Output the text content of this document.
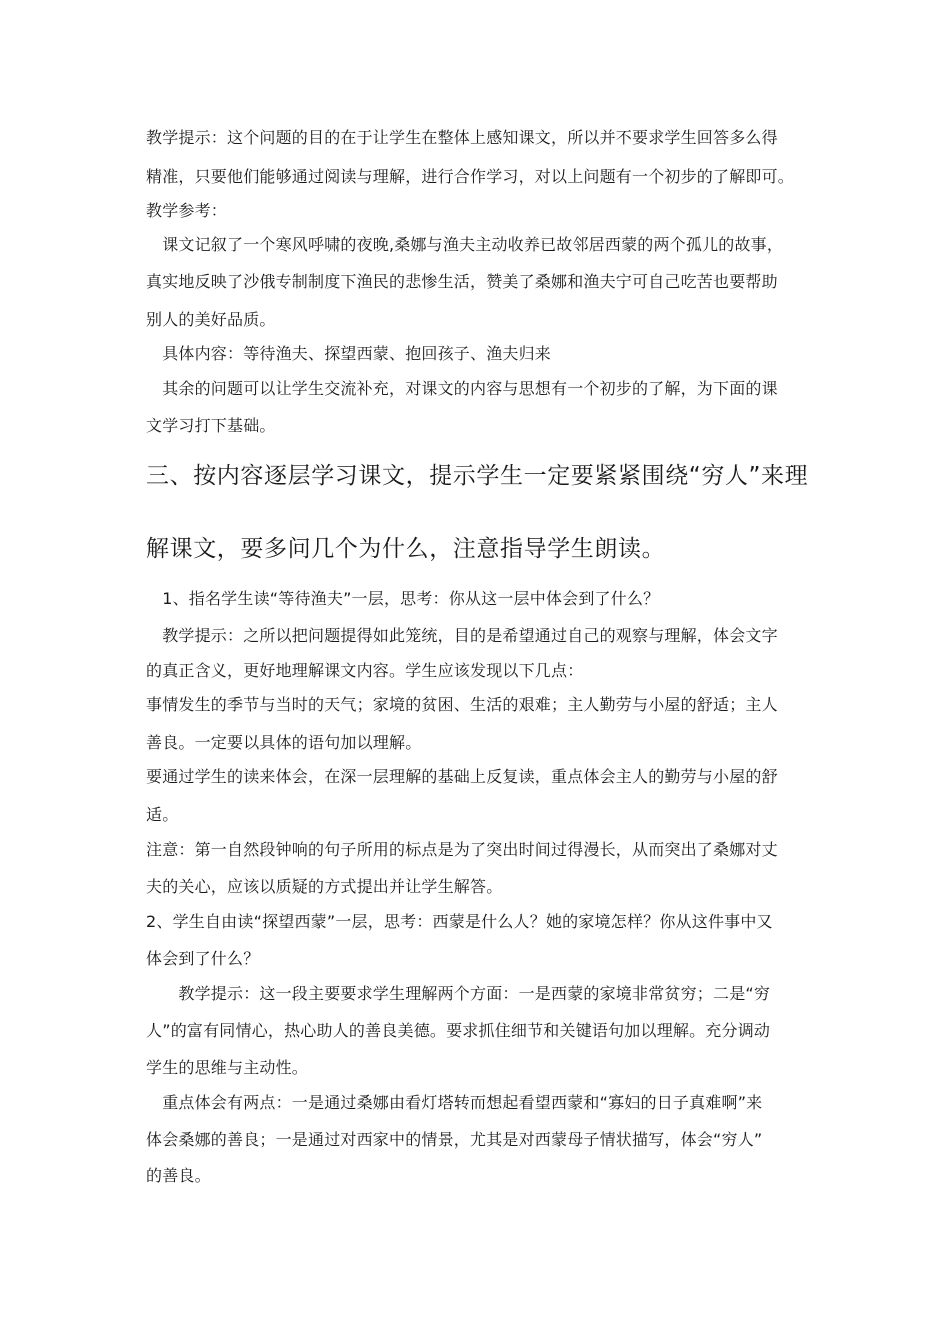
教学提示：这个问题的目的在于让学生在整体上感知课文，所以并不要求学生回答多么得
精准，只要他们能够通过阅读与理解，进行合作学习，对以上问题有一个初步的了解即可。
教学参考：
　课文记叙了一个寒风呼啸的夜晚,桑娜与渔夫主动收养已故邻居西蒙的两个孤儿的故事，
真实地反映了沙俄专制制度下渔民的悲惨生活，赞美了桑娜和渔夫宁可自己吃苦也要帮助
别人的美好品质。
　具体内容：等待渔夫、探望西蒙、抱回孩子、渔夫归来
　其余的问题可以让学生交流补充，对课文的内容与思想有一个初步的了解，为下面的课
文学习打下基础。
三、按内容逐层学习课文，提示学生一定要紧紧围绕“穷人”来理
解课文，要多问几个为什么，注意指导学生朗读。
　1、指名学生读“等待渔夫”一层，思考：你从这一层中体会到了什么？
　教学提示：之所以把问题提得如此笼统，目的是希望通过自己的观察与理解，体会文字
的真正含义，更好地理解课文内容。学生应该发现以下几点：
事情发生的季节与当时的天气；家境的贫困、生活的艰难；主人勤劳与小屋的舒适；主人
善良。一定要以具体的语句加以理解。
要通过学生的读来体会，在深一层理解的基础上反复读，重点体会主人的勤劳与小屋的舒
适。
注意：第一自然段钟响的句子所用的标点是为了突出时间过得漫长，从而突出了桑娜对丈
夫的关心，应该以质疑的方式提出并让学生解答。
2、学生自由读“探望西蒙”一层，思考：西蒙是什么人？她的家境怎样？你从这件事中又
体会到了什么？
　　教学提示：这一段主要要求学生理解两个方面：一是西蒙的家境非常贫穷；二是“穷
人”的富有同情心，热心助人的善良美德。要求抓住细节和关键语句加以理解。充分调动
学生的思维与主动性。
　重点体会有两点：一是通过桑娜由看灯塔转而想起看望西蒙和“寡妇的日子真难啊”来
体会桑娜的善良；一是通过对西家中的情景，尤其是对西蒙母子情状描写，体会“穷人”
的善良。
